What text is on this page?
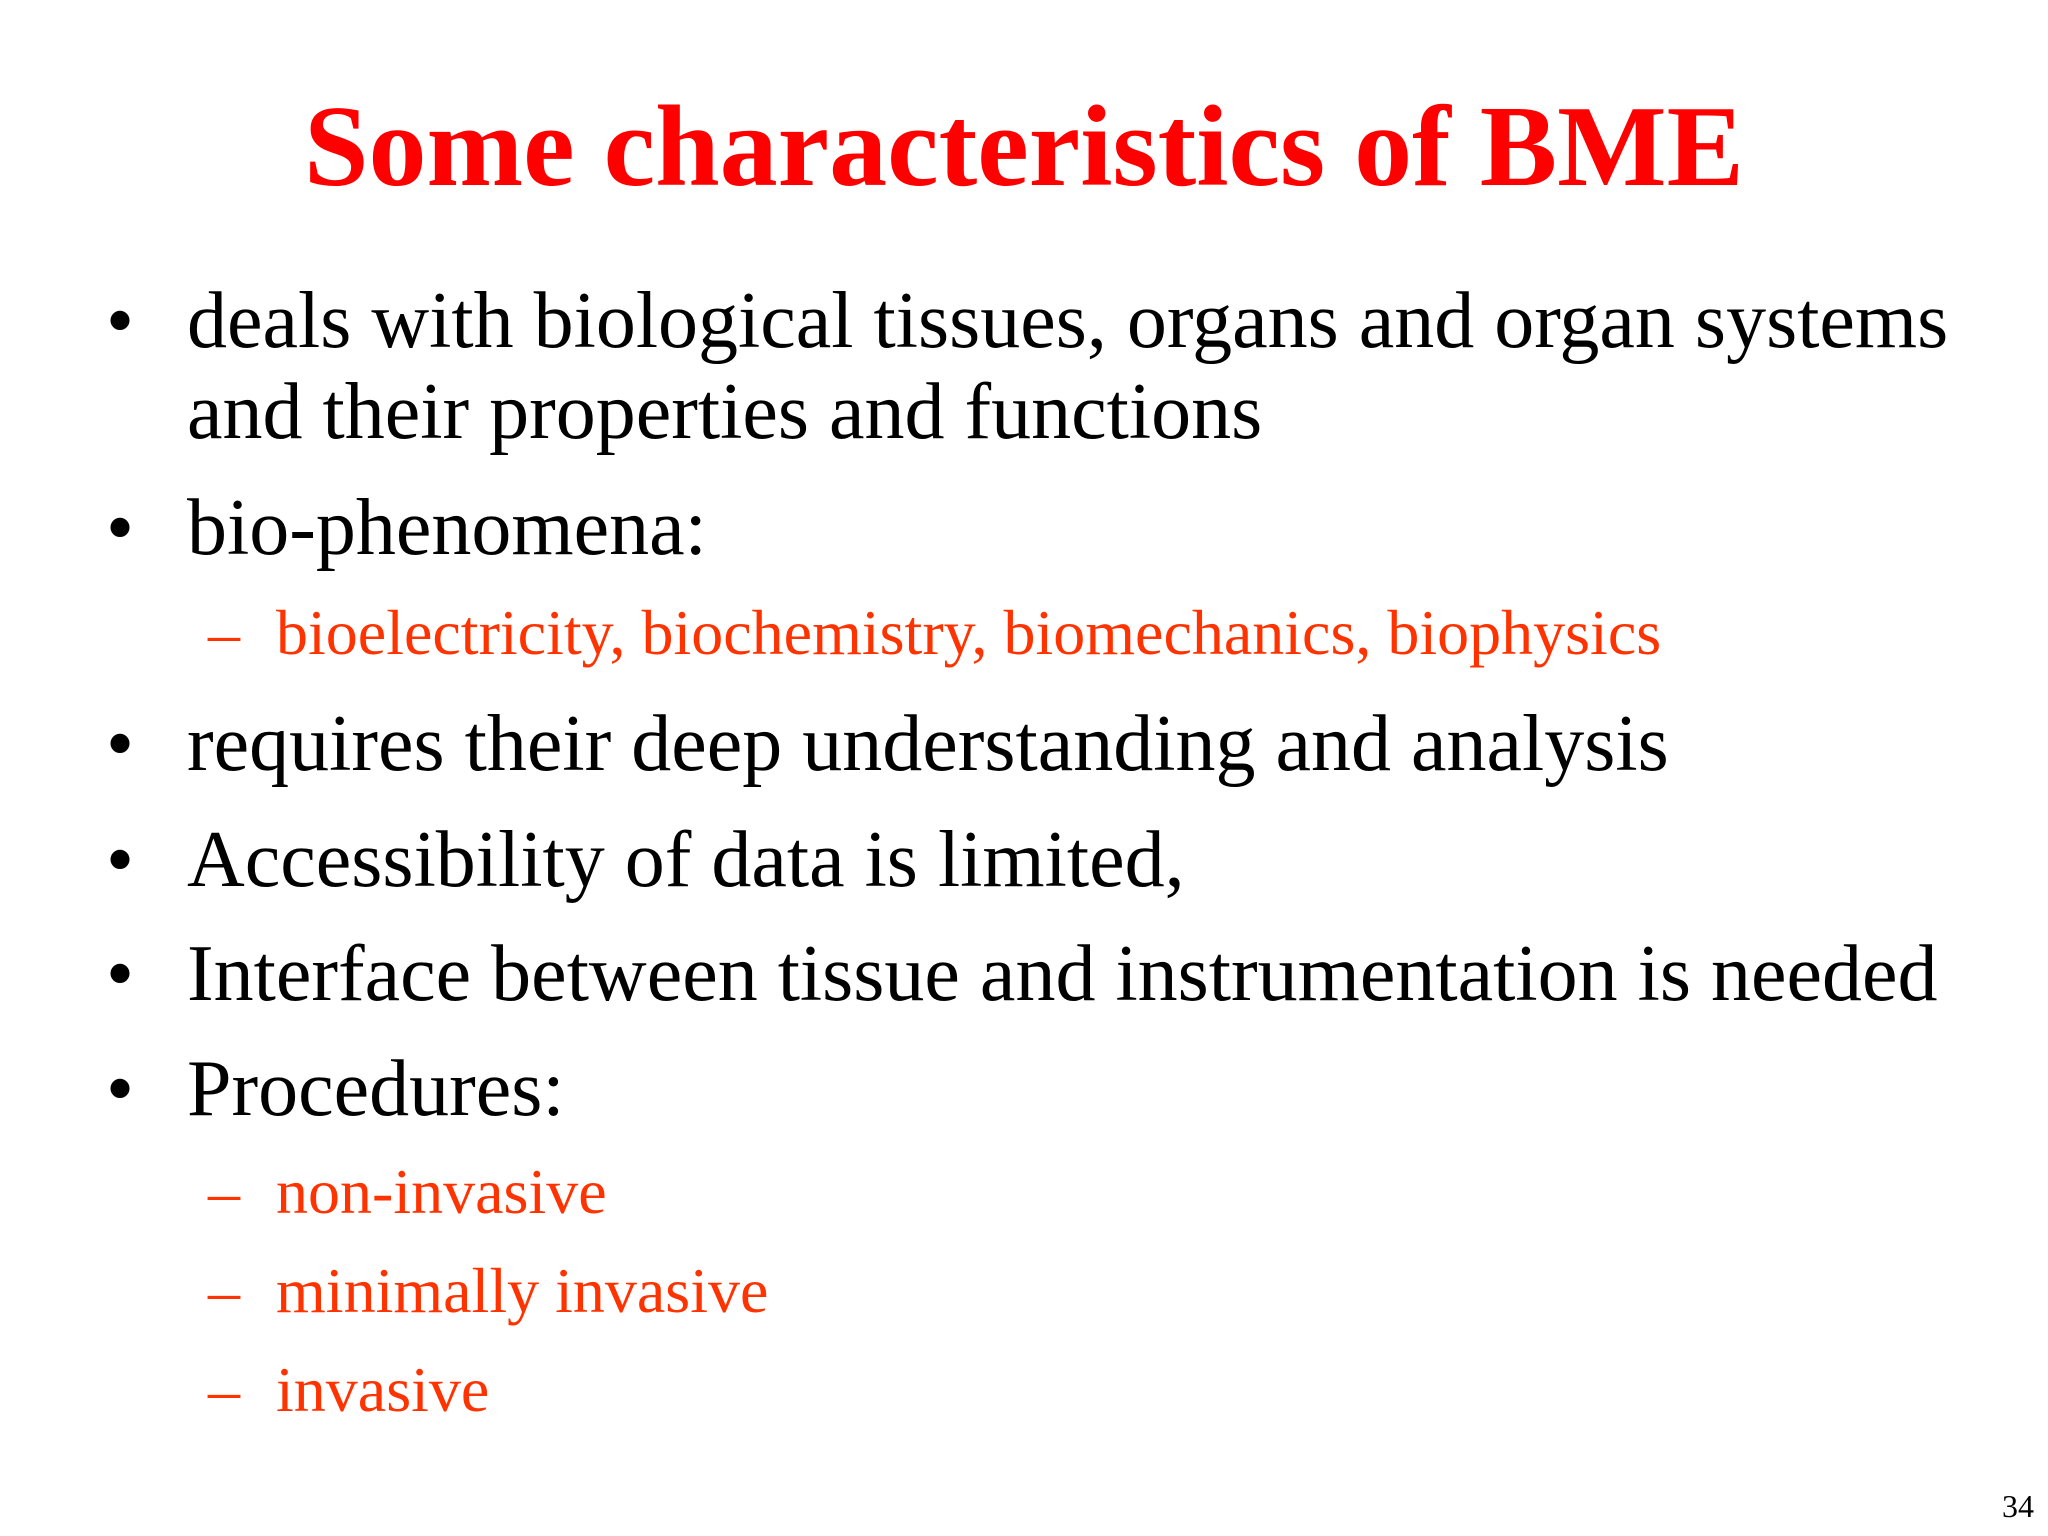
Some characteristics of BME
• deals with biological tissues, organs and organ systems
and their properties and functions
• bio-phenomena:
– bioelectricity, biochemistry, biomechanics, biophysics
• requires their deep understanding and analysis
• Accessibility of data is limited,
• Interface between tissue and instrumentation is needed
• Procedures:
– non-invasive
– minimally invasive
– invasive
34
